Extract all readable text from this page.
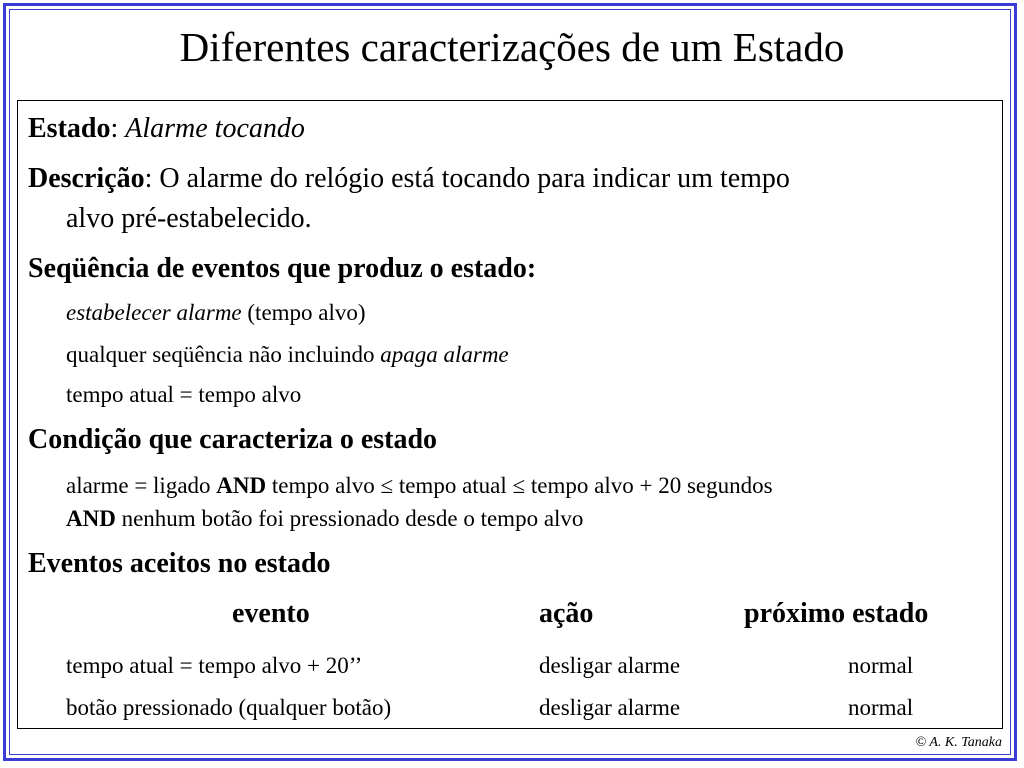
Diferentes caracterizações de um Estado
Estado: Alarme tocando
Descrição: O alarme do relógio está tocando para indicar um tempo
alvo pré-estabelecido.
Seqüência de eventos que produz o estado:
estabelecer alarme (tempo alvo)
qualquer seqüência não incluindo apaga alarme
tempo atual = tempo alvo
Condição que caracteriza o estado
alarme = ligado AND tempo alvo ≤ tempo atual ≤ tempo alvo + 20 segundos
AND nenhum botão foi pressionado desde o tempo alvo
Eventos aceitos no estado
evento	ação	próximo estado
tempo atual = tempo alvo + 20’’	desligar alarme	normal
botão pressionado (qualquer botão)	desligar alarme	normal
© A. K. Tanaka
